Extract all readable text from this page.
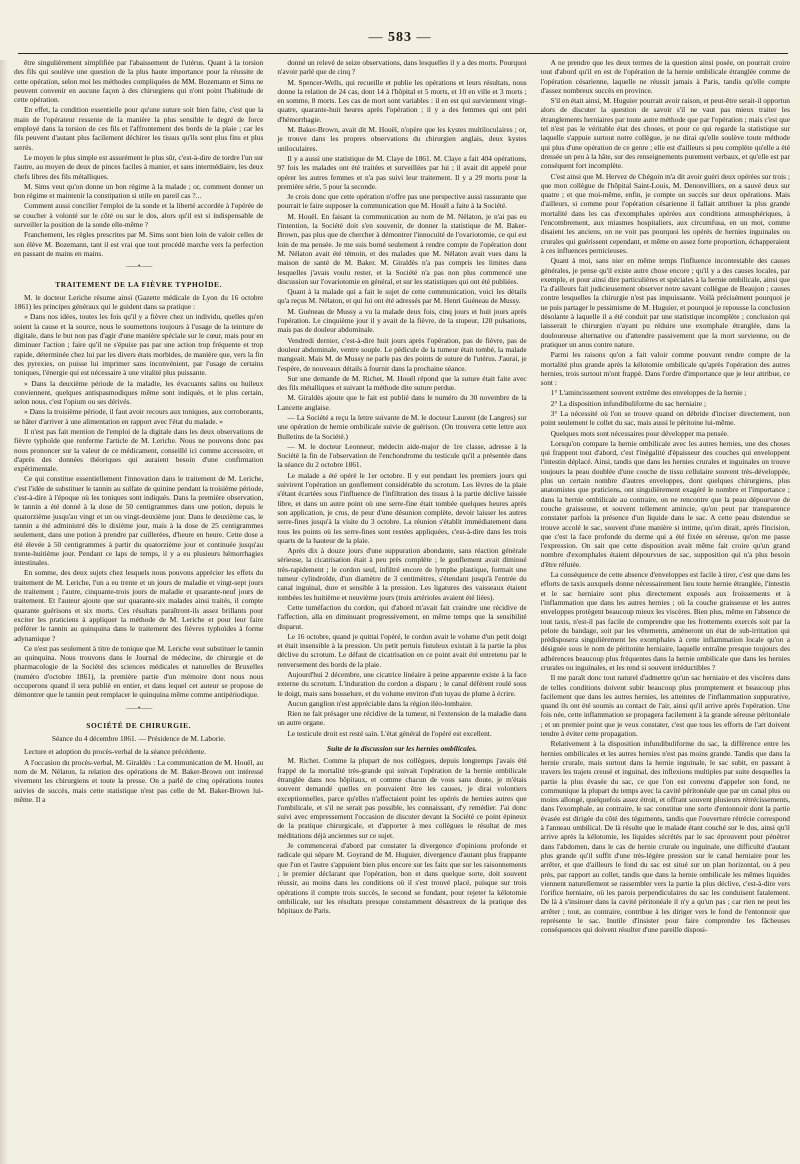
— 583 —

être singulièrement simplifiée par l'abaissement de l'utérus. Quant à la torsion des fils qui soulève une question de la plus haute importance pour la réussite de cette opération, selon moi les méthodes compliquées de MM. Bozemann et Sims ne peuvent convenir en aucune façon à des chirurgiens qui n'ont point l'habitude de cette opération.

En effet, la condition essentielle pour qu'une suture soit bien faite, c'est que la main de l'opérateur ressente de la manière la plus sensible le degré de force employé dans la torsion de ces fils et l'affrontement des bords de la plaie ; car les fils peuvent d'autant plus facilement déchirer les tissus qu'ils sont plus fins et plus serrés.

Le moyen le plus simple est assurément le plus sûr, c'est-à-dire de tordre l'un sur l'autre, au moyen de deux de pinces faciles à manier, et sans intermédiaire, les deux chefs libres des fils métalliques.

M. Sims veut qu'on donne un bon régime à la malade ; or, comment donner un bon régime et maintenir la constipation si utile en pareil cas ?...

Comment aussi concilier l'emploi de la sonde et la liberté accordée à l'opérée de se coucher à volonté sur le côté ou sur le dos, alors qu'il est si indispensable de surveiller la position de la sonde elle-même ?

Franchement, les règles prescrites par M. Sims sont bien loin de valoir celles de son élève M. Bozemann, tant il est vrai que tout procédé marche vers la perfection en passant de mains en mains.

——•——
TRAITEMENT DE LA FIÈVRE TYPHOÏDE.

M. le docteur Leriche résume ainsi (Gazette médicale de Lyon du 16 octobre 1861) les principes généraux qui le guident dans sa pratique :

« Dans nos idées, toutes les fois qu'il y a fièvre chez un individu, quelles qu'en soient la cause et la source, nous le soumettons toujours à l'usage de la teinture de digitale, dans le but non pas d'agir d'une manière spéciale sur le cœur, mais pour en diminuer l'action ; faire qu'il ne s'épuise pas par une action trop fréquente et trop rapide, déterminée chez lui par les divers états morbides, de manière que, vers la fin des pyrexies, on puisse lui imprimer sans inconvénient, par l'usage de certains toniques, l'énergie qui est nécessaire à une vitalité plus puissante.

» Dans la deuxième période de la maladie, les évacuants salins ou huileux conviennent, quelques antispasmodiques même sont indiqués, et le plus certain, selon nous, c'est l'opium ou ses dérivés.

» Dans la troisième période, il faut avoir recours aux toniques, aux corroborants, se hâter d'arriver à une alimentation en rapport avec l'état du malade. »

Il n'est pas fait mention de l'emploi de la digitale dans les deux observations de fièvre typhoïde que renferme l'article de M. Leriche. Nous ne pouvons donc pas nous prononcer sur la valeur de ce médicament, conseillé ici comme accessoire, et d'après des données théoriques qui auraient besoin d'une confirmation expérimentale.

Ce qui constitue essentiellement l'innovation dans le traitement de M. Leriche, c'est l'idée de substituer le tannin au sulfate de quinine pendant la troisième période, c'est-à-dire à l'époque où les toniques sont indiqués. Dans la première observation, le tannin a été donné à la dose de 50 centigrammes dans une potion, depuis le quatorzième jusqu'au vingt et un ou vingt-deuxième jour. Dans le deuxième cas, le tannin a été administré dès le dixième jour, mais à la dose de 25 centigrammes seulement, dans une potion à prendre par cuillerées, d'heure en heure. Cette dose a été élevée à 50 centigrammes à partir du quatorzième jour et continuée jusqu'au trente-huitième jour. Pendant ce laps de temps, il y a eu plusieurs hémorrhagies intestinales.

En somme, des deux sujets chez lesquels nous pouvons apprécier les effets du traitement de M. Leriche, l'un a eu trente et un jours de maladie et vingt-sept jours de traitement ; l'autre, cinquante-trois jours de maladie et quarante-neuf jours de traitement. Et l'auteur ajoute que sur quarante-six malades ainsi traités, il compte quarante guérisons et six morts. Ces résultats paraîtront-ils assez brillants pour exciter les praticiens à appliquer la méthode de M. Leriche et pour leur faire préférer le tannin au quinquina dans le traitement des fièvres typhoïdes à forme adynamique ?

Ce n'est pas seulement à titre de tonique que M. Leriche veut substituer le tannin au quinquina. Nous trouvons dans le Journal de médecine, de chirurgie et de pharmacologie de la Société des sciences médicales et naturelles de Bruxelles (numéro d'octobre 1861), la première partie d'un mémoire dont nous nous occuperons quand il sera publié en entier, et dans lequel cet auteur se propose de démontrer que le tannin peut remplacer le quinquina même comme antipériodique.

——•——
SOCIÉTÉ DE CHIRURGIE.
Séance du 4 décembre 1861. — Présidence de M. Laborie.

Lecture et adoption du procès-verbal de la séance précédente.

A l'occasion du procès-verbal, M. Giraldès : La communication de M. Houël, au nom de M. Nélaton, la relation des opérations de M. Baker-Brown ont intéressé vivement les chirurgiens et toute la presse. On a parlé de cinq opérations toutes suivies de succès, mais cette statistique n'est pas celle de M. Baker-Brown lui-même. Il a

donné un relevé de seize observations, dans lesquelles il y a des morts. Pourquoi n'avoir parlé que de cinq ?

M. Spencer-Wells, qui recueille et publie les opérations et leurs résultats, nous donne la relation de 24 cas, dont 14 à l'hôpital et 5 morts, et 10 en ville et 3 morts ; en somme, 8 morts. Les cas de mort sont variables : il en est qui surviennent vingt-quatre, quarante-huit heures après l'opération ; il y a des femmes qui ont péri d'hémorrhagie.

M. Baker-Brown, avait dit M. Houël, n'opère que les kystes multiloculaires ; or, je trouve dans les propres observations du chirurgien anglais, deux kystes uniloculaires.

Il y a aussi une statistique de M. Claye de 1861. M. Claye a fait 404 opérations, 97 fois les malades ont été traitées et surveillées par lui ; il avait dit appelé pour opérer les autres femmes et n'a pas suivi leur traitement. Il y a 29 morts pour la première série, 5 pour la seconde.

Je crois donc que cette opération n'offre pas une perspective aussi rassurante que pourrait le faire supposer la communication que M. Houël a faite à la Société.

M. Houël. En faisant la communication au nom de M. Nélaton, je n'ai pas eu l'intention, la Société doit s'en souvenir, de donner la statistique de M. Baker-Brown, pas plus que de chercher à démontrer l'innocuité de l'ovariotomie, ce qui est loin de ma pensée. Je me suis borné seulement à rendre compte de l'opération dont M. Nélaton avait été témoin, et des malades que M. Nélaton avait vues dans la maison de santé de M. Baker. M. Giraldès n'a pas compris les limites dans lesquelles j'avais voulu rester, et la Société n'a pas non plus commencé une discussion sur l'ovariotomie en général, et sur les statistiques qui ont été publiées.

Quant à la malade qui a fait le sujet de cette communication, voici les détails qu'a reçus M. Nélaton, et qui lui ont été adressés par M. Henri Guéneau de Mussy.

M. Guéneau de Mussy a vu la malade deux fois, cinq jours et huit jours après l'opération. Le cinquième jour il y avait de la fièvre, de la stupeur, 120 pulsations, mais pas de douleur abdominale.

Vendredi dernier, c'est-à-dire huit jours après l'opération, pas de fièvre, pas de douleur abdominale, ventre souple. Le pédicule de la tumeur était tombé, la malade mangeait. Mais M. de Mussy ne parle pas des points de suture de l'utérus. J'aurai, je l'espère, de nouveaux détails à fournir dans la prochaine séance.

Sur une demande de M. Richet, M. Houël répond que la suture était faite avec des fils métalliques et suivant la méthode dite suture perdue.

M. Giraldès ajoute que le fait est publié dans le numéro du 30 novembre de la Lancette anglaise.

— La Société a reçu la lettre suivante de M. le docteur Laurent (de Langres) sur une opération de hernie ombilicale suivie de guérison. (On trouvera cette lettre aux Bulletins de la Société.)

— M. le docteur Leonneur, médecin aide-major de 1re classe, adresse à la Société la fin de l'observation de l'enchondrome du testicule qu'il a présentée dans la séance du 2 octobre 1861.

Le malade a été opéré le 1er octobre. Il y eut pendant les premiers jours qui suivirent l'opération un gonflement considérable du scrotum. Les lèvres de la plaie s'étant écartées sous l'influence de l'infiltration des tissus à la partie déclive laissée libre, et dans un autre point où une serre-fine était tombée quelques heures après son application, je crus, de peur d'une désunion complète, devoir laisser les autres serre-fines jusqu'à la visite du 3 octobre. La réunion s'établit immédiatement dans tous les points où les serre-fines sont restées appliquées, c'est-à-dire dans les trois quarts de la hauteur de la plaie.

Après dix à douze jours d'une suppuration abondante, sans réaction générale sérieuse, la cicatrisation était à peu près complète ; le gonflement avait diminué très-rapidement ; le cordon seul, infiltré encore de lymphe plastique, formait une tumeur cylindroïde, d'un diamètre de 3 centimètres, s'étendant jusqu'à l'entrée du canal inguinal, dure et sensible à la pression. Les ligatures des vaisseaux étaient tombées les huitième et neuvième jours (trois artérioles avaient été liées).

Cette tuméfaction du cordon, qui d'abord m'avait fait craindre une récidive de l'affection, alla en diminuant progressivement, en même temps que la sensibilité disparut.

Le 16 octobre, quand je quittai l'opéré, le cordon avait le volume d'un petit doigt et était insensible à la pression. Un petit pertuis fistuleux existait à la partie la plus déclive du scrotum. Le défaut de cicatrisation en ce point avait été entretenu par le renversement des bords de la plaie.

Aujourd'hui 2 décembre, une cicatrice linéaire à peine apparente existe à la face externe du scrotum. L'induration du cordon a disparu ; le canal déférent roulé sous le doigt, mais sans bosselure, et du volume environ d'un tuyau de plume à écrire.

Aucun ganglion n'est appréciable dans la région iléo-lombaire.

Rien ne fait présager une récidive de la tumeur, ni l'extension de la maladie dans un autre organe.

Le testicule droit est resté sain. L'état général de l'opéré est excellent.

Suite de la discussion sur les hernies ombilicales.

M. Richet. Comme la plupart de nos collègues, depuis longtemps j'avais été frappé de la mortalité très-grande qui suivait l'opération de la hernie ombilicale étranglée dans nos hôpitaux, et comme chacun de vous sans doute, je m'étais souvent demandé quelles en pouvaient être les causes, je dirai volontiers exceptionnelles, parce qu'elles n'affectaient point les opérés de hernies autres que l'ombilicale, et s'il ne serait pas possible, les connaissant, d'y remédier. J'ai donc suivi avec empressement l'occasion de discuter devant la Société ce point épineux de la pratique chirurgicale, et d'apporter à mes collègues le résultat de mes méditations déjà anciennes sur ce sujet.

Je commencerai d'abord par constater la divergence d'opinions profonde et radicale qui sépare M. Goyrand de M. Huguier, divergence d'autant plus frappante que l'un et l'autre s'appuient bien plus encore sur les faits que sur les raisonnements ; le premier déclarant que l'opération, bon et dans quelque sorte, doit souvent réussir, au moins dans les conditions où il s'est trouvé placé, puisque sur trois opérations il compte trois succès, le second se fondant, pour rejeter la kélotomie ombilicale, sur les résultats presque constamment désastreux de la pratique des hôpitaux de Paris.

A ne prendre que les deux termes de la question ainsi posée, on pourrait croire tout d'abord qu'il en est de l'opération de la hernie ombilicale étranglée comme de l'opération césarienne, laquelle ne réussit jamais à Paris, tandis qu'elle compte d'assez nombreux succès en province.

S'il en était ainsi, M. Huguier pourrait avoir raison, et peut-être serait-il opportun alors de discuter la question de savoir s'il ne vaut pas mieux traiter les étranglements herniaires par toute autre méthode que par l'opération ; mais c'est que tel n'est pas le véritable état des choses, et pour ce qui regarde la statistique sur laquelle s'appuie surtout notre collègue, je ne dirai qu'elle soulève toute méthode qui plus d'une opération de ce genre ; elle est d'ailleurs si peu complète qu'elle a été dressée un peu à la hâte, sur des renseignements purement verbaux, et qu'elle est par conséquent fort incomplète.

C'est ainsi que M. Hervez de Chégoin m'a dit avoir guéri deux opérées sur trois ; que mon collègue de l'hôpital Saint-Louis, M. Denonvilliers, en a sauvé deux sur quatre ; et que moi-même, enfin, je compte un succès sur deux opérations. Mais d'ailleurs, si comme pour l'opération césarienne il fallait attribuer la plus grande mortalité dans les cas d'exomphales opérées aux conditions atmosphériques, à l'encombrement, aux miasmes hospitaliers, aux circumfusa, en un mot, comme disaient les anciens, on ne voit pas pourquoi les opérés de hernies inguinales ou crurales qui guérissent cependant, et même en assez forte proportion, échapperaient à ces influences pernicieuses.

Quant à moi, sans nier en même temps l'influence incontestable des causes générales, je pense qu'il existe autre chose encore ; qu'il y a des causes locales, par exemple, et pour ainsi dire particulières et spéciales à la hernie ombilicale, ainsi que l'a d'ailleurs fait judicieusement observer notre savant collègue de Beaujon ; causes contre lesquelles la chirurgie n'est pas impuissante. Voilà précisément pourquoi je ne puis partager le pessimisme de M. Huguier, et pourquoi je repousse la conclusion désolante à laquelle il a été conduit par une statistique incomplète ; conclusion qui laisserait le chirurgien n'ayant pu réduire une exomphale étranglée, dans la douloureuse alternative ou d'attendre passivement que la mort survienne, ou de pratiquer un anus contre nature.

Parmi les raisons qu'on a fait valoir comme pouvant rendre compte de la mortalité plus grande après la kélotomie ombilicale qu'après l'opération des autres hernies, trois surtout m'ont frappé. Dans l'ordre d'importance que je leur attribue, ce sont :

1° L'amincissement souvent extrême des enveloppes de la hernie ;

2° La disposition infundibuliforme du sac herniaire ;

3° La nécessité où l'on se trouve quand on débride d'inciser directement, non point seulement le collet du sac, mais aussi le péritoine lui-même.

Quelques mots sont nécessaires pour développer ma pensée.

Lorsqu'on compare la hernie ombilicale avec les autres hernies, une des choses qui frappent tout d'abord, c'est l'inégalité d'épaisseur des couches qui enveloppent l'intestin déplacé. Ainsi, tandis que dans les hernies crurales et inguinales on trouve toujours la peau doublée d'une couche de tissu cellulaire souvent très-développée, plus un certain nombre d'autres enveloppes, dont quelques chirurgiens, plus anatomistes que praticiens, ont singulièrement exagéré le nombre et l'importance ; dans la hernie ombilicale au contraire, on ne rencontre que la peau dépourvue de couche graisseuse, et souvent tellement amincie, qu'on peut par transparence constater parfois la présence d'un liquide dans le sac. A cette peau distendue se trouve accolé le sac, souvent d'une manière si intime, qu'on dirait, après l'incision, que c'est la face profonde du derme qui a été fixée en séreuse, qu'on me passe l'expression. On sait que cette disposition avait même fait croire qu'un grand nombre d'exomphales étaient dépourvues de sac, supposition qui n'a plus besoin d'être réfutée.

La conséquence de cette absence d'enveloppes est facile à tirer, c'est que dans les efforts de taxis auxquels donne nécessairement lieu toute hernie étranglée, l'intestin et le sac herniaire sont plus directement exposés aux froissements et à l'inflammation que dans les autres hernies ; où la couche graisseuse et les autres enveloppes protègent beaucoup mieux les viscères. Bien plus, même en l'absence de tout taxis, n'est-il pas facile de comprendre que les frottements exercés soit par la pelote du bandage, soit par les vêtements, amèneront un état de sub-irritation qui prédisposera singulièrement les exomphales à cette inflammation locale qu'on a désignée sous le nom de péritonite herniaire, laquelle entraîne presque toujours des adhérences beaucoup plus fréquentes dans la hernie ombilicale que dans les hernies crurales ou inguinales, et les rend si souvent irréductibles ?

Il me paraît donc tout naturel d'admettre qu'un sac herniaire et des viscères dans de telles conditions doivent subir beaucoup plus promptement et beaucoup plus facilement que dans les autres hernies, les atteintes de l'inflammation suppurative, quand ils ont été soumis au contact de l'air, ainsi qu'il arrive après l'opération. Une fois née, cette inflammation se propagera facilement à la grande séreuse péritonéale ; et un premier point que je veux constater, c'est que tous les efforts de l'art doivent tendre à éviter cette propagation.

Relativement à la disposition infundibuliforme du sac, la différence entre les hernies ombilicales et les autres hernies n'est pas moins grande. Tandis que dans la hernie crurale, mais surtout dans la hernie inguinale, le sac subit, en passant à travers les trajets creusé et inguinal, des inflexions multiples par suite desquelles la partie la plus évasée du sac, ce que l'on est convenu d'appeler son fond, ne communique la plupart du temps avec la cavité péritonéale que par un canal plus ou moins allongé, quelquefois assez étroit, et offrant souvent plusieurs rétrécissements, dans l'exomphale, au contraire, le sac constitue une sorte d'entonnoir dont la partie évasée est dirigée du côté des téguments, tandis que l'ouverture rétrécie correspond à l'anneau ombilical. De là résulte que le malade étant couché sur le dos, ainsi qu'il arrive après la kélotomie, les liquides sécrétés par le sac éprouvent pour pénétrer dans l'abdomen, dans le cas de hernie crurale ou inguinale, une difficulté d'autant plus grande qu'il suffit d'une très-légère pression sur le canal herniaire pour les arrêter, et que d'ailleurs le fond du sac est situé sur un plan horizontal, ou à peu près, par rapport au collet, tandis que dans la hernie ombilicale les mêmes liquides viennent naturellement se rassembler vers la partie la plus déclive, c'est-à-dire vers l'orifice herniaire, où les parois perpendiculaires du sac les conduisent fatalement. De là à s'insinuer dans la cavité péritonéale il n'y a qu'un pas ; car rien ne peut les arrêter ; tout, au contraire, contribue à les diriger vers le fond de l'entonnoir que représente le sac. Inutile d'insister pour faire comprendre les fâcheuses conséquences qui doivent résulter d'une pareille disposi-
